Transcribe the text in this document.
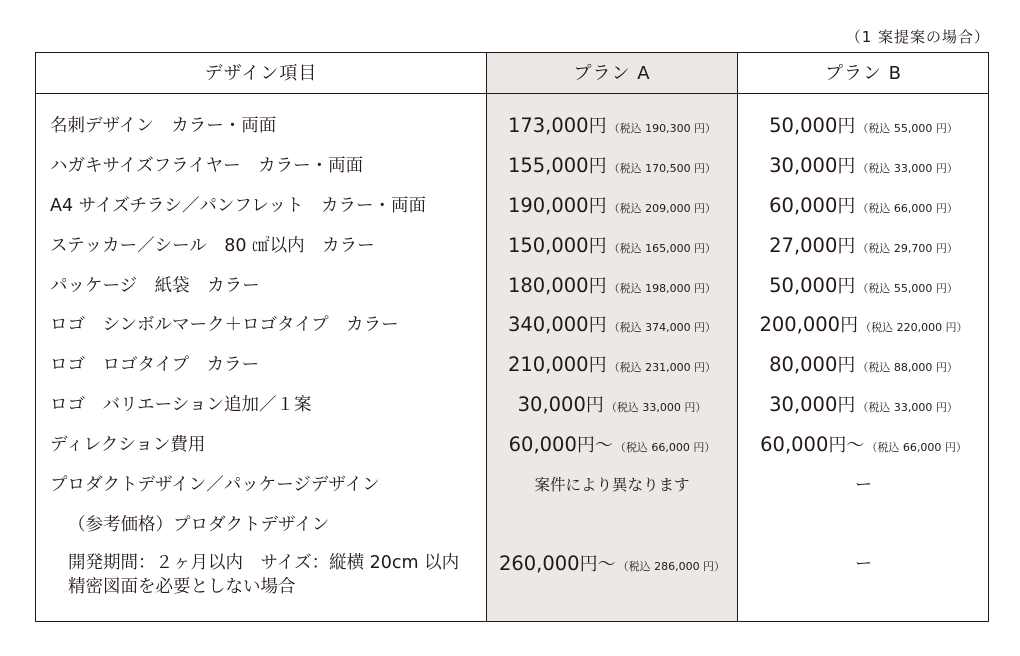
（1 案提案の場合）
デザイン項目	プラン A	プラン B
名刺デザイン　カラー・両面	173,000円 （税込 190,300 円）	50,000円 （税込 55,000 円）
ハガキサイズフライヤー　カラー・両面	155,000円 （税込 170,500 円）	30,000円 （税込 33,000 円）
A4 サイズチラシ／パンフレット　カラー・両面	190,000円 （税込 209,000 円）	60,000円 （税込 66,000 円）
ステッカー／シール　80 ㎠以内　カラー	150,000円 （税込 165,000 円）	27,000円 （税込 29,700 円）
パッケージ　紙袋　カラー	180,000円 （税込 198,000 円）	50,000円 （税込 55,000 円）
ロゴ　シンボルマーク＋ロゴタイプ　カラー	340,000円 （税込 374,000 円）	200,000円 （税込 220,000 円）
ロゴ　ロゴタイプ　カラー	210,000円 （税込 231,000 円）	80,000円 （税込 88,000 円）
ロゴ　バリエーション追加／１案	30,000円 （税込 33,000 円）	30,000円 （税込 33,000 円）
ディレクション費用	60,000円〜 （税込 66,000 円）	60,000円〜 （税込 66,000 円）
プロダクトデザイン／パッケージデザイン	案件により異なります	ー
（参考価格）プロダクトデザイン
開発期間：２ヶ月以内　サイズ：縦横 20cm 以内
精密図面を必要としない場合
260,000円〜 （税込 286,000 円）	ー
